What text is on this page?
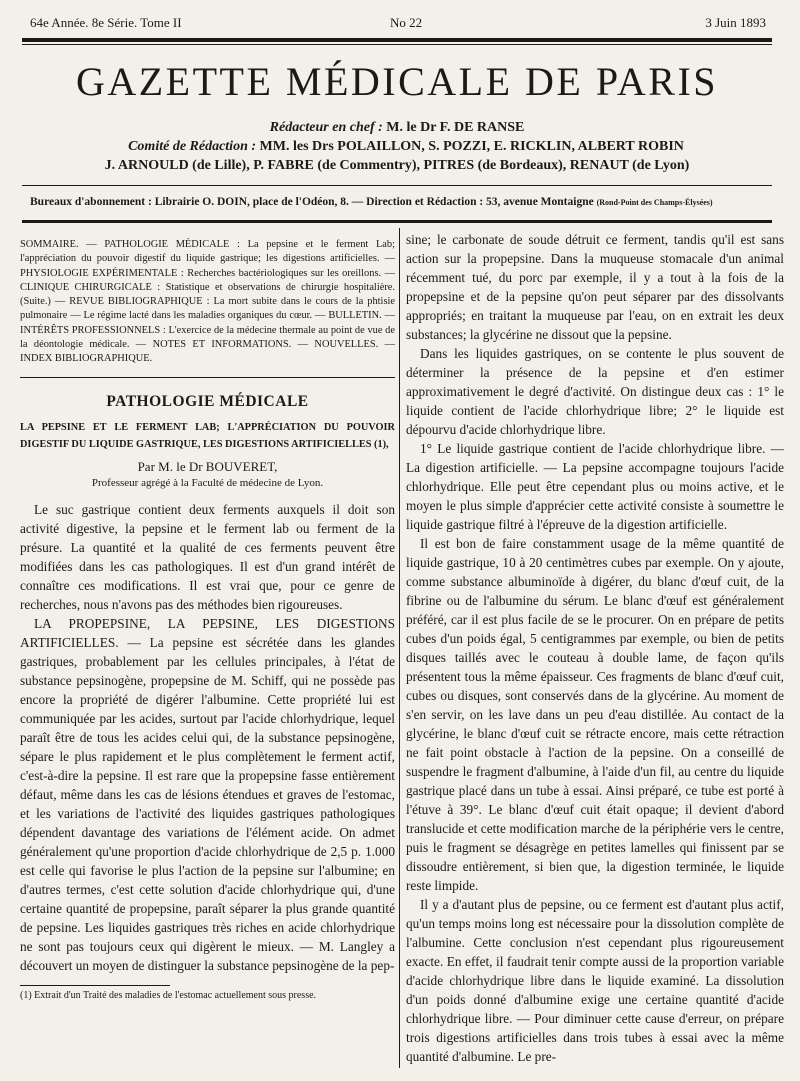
64e Année. 8e Série. Tome II	No 22	3 Juin 1893
GAZETTE MÉDICALE DE PARIS
Rédacteur en chef : M. le Dr F. DE RANSE
Comité de Rédaction : MM. les Drs POLAILLON, S. POZZI, E. RICKLIN, ALBERT ROBIN
J. ARNOULD (de Lille), P. FABRE (de Commentry), PITRES (de Bordeaux), RENAUT (de Lyon)
Bureaux d'abonnement : Librairie O. DOIN, place de l'Odéon, 8. — Direction et Rédaction : 53, avenue Montaigne (Rond-Point des Champs-Élysées)
SOMMAIRE. — PATHOLOGIE MÉDICALE : La pepsine et le ferment Lab; l'appréciation du pouvoir digestif du liquide gastrique; les digestions artificielles. — PHYSIOLOGIE EXPÉRIMENTALE : Recherches bactériologiques sur les oreillons. — CLINIQUE CHIRURGICALE : Statistique et observations de chirurgie hospitalière. (Suite.) — REVUE BIBLIOGRAPHIQUE : La mort subite dans le cours de la phtisie pulmonaire — Le régime lacté dans les maladies organiques du cœur. — BULLETIN. — INTÉRÊTS PROFESSIONNELS : L'exercice de la médecine thermale au point de vue de la déontologie médicale. — NOTES ET INFORMATIONS. — NOUVELLES. — INDEX BIBLIOGRAPHIQUE.
PATHOLOGIE MÉDICALE
LA PEPSINE ET LE FERMENT LAB; L'APPRÉCIATION DU POUVOIR DIGESTIF DU LIQUIDE GASTRIQUE, LES DIGESTIONS ARTIFICIELLES (1),
Par M. le Dr BOUVERET,
Professeur agrégé à la Faculté de médecine de Lyon.

Le suc gastrique contient deux ferments auxquels il doit son activité digestive, la pepsine et le ferment lab ou ferment de la présure. La quantité et la qualité de ces ferments peuvent être modifiées dans les cas pathologiques. Il est d'un grand intérêt de connaître ces modifications. Il est vrai que, pour ce genre de recherches, nous n'avons pas des méthodes bien rigoureuses.

LA PROPEPSINE, LA PEPSINE, LES DIGESTIONS ARTIFICIELLES. — La pepsine est sécrétée dans les glandes gastriques, probablement par les cellules principales, à l'état de substance pepsinogène, propepsine de M. Schiff, qui ne possède pas encore la propriété de digérer l'albumine. Cette propriété lui est communiquée par les acides, surtout par l'acide chlorhydrique, lequel paraît être de tous les acides celui qui, de la substance pepsinogène, sépare le plus rapidement et le plus complètement le ferment actif, c'est-à-dire la pepsine. Il est rare que la propepsine fasse entièrement défaut, même dans les cas de lésions étendues et graves de l'estomac, et les variations de l'activité des liquides gastriques pathologiques dépendent davantage des variations de l'élément acide. On admet généralement qu'une proportion d'acide chlorhydrique de 2,5 p. 1.000 est celle qui favorise le plus l'action de la pepsine sur l'albumine; en d'autres termes, c'est cette solution d'acide chlorhydrique qui, d'une certaine quantité de propepsine, paraît séparer la plus grande quantité de pepsine. Les liquides gastriques très riches en acide chlorhydrique ne sont pas toujours ceux qui digèrent le mieux. — M. Langley a découvert un moyen de distinguer la substance pepsinogène de la pep-

(1) Extrait d'un Traité des maladies de l'estomac actuellement sous presse.

sine; le carbonate de soude détruit ce ferment, tandis qu'il est sans action sur la propepsine. Dans la muqueuse stomacale d'un animal récemment tué, du porc par exemple, il y a tout à la fois de la propepsine et de la pepsine qu'on peut séparer par des dissolvants appropriés; en traitant la muqueuse par l'eau, on en extrait les deux substances; la glycérine ne dissout que la pepsine.

Dans les liquides gastriques, on se contente le plus souvent de déterminer la présence de la pepsine et d'en estimer approximativement le degré d'activité. On distingue deux cas : 1° le liquide contient de l'acide chlorhydrique libre; 2° le liquide est dépourvu d'acide chlorhydrique libre.

1° Le liquide gastrique contient de l'acide chlorhydrique libre. — La digestion artificielle. — La pepsine accompagne toujours l'acide chlorhydrique. Elle peut être cependant plus ou moins active, et le moyen le plus simple d'apprécier cette activité consiste à soumettre le liquide gastrique filtré à l'épreuve de la digestion artificielle.

Il est bon de faire constamment usage de la même quantité de liquide gastrique, 10 à 20 centimètres cubes par exemple. On y ajoute, comme substance albuminoïde à digérer, du blanc d'œuf cuit, de la fibrine ou de l'albumine du sérum. Le blanc d'œuf est généralement préféré, car il est plus facile de se le procurer. On en prépare de petits cubes d'un poids égal, 5 centigrammes par exemple, ou bien de petits disques taillés avec le couteau à double lame, de façon qu'ils présentent tous la même épaisseur. Ces fragments de blanc d'œuf cuit, cubes ou disques, sont conservés dans de la glycérine. Au moment de s'en servir, on les lave dans un peu d'eau distillée. Au contact de la glycérine, le blanc d'œuf cuit se rétracte encore, mais cette rétraction ne fait point obstacle à l'action de la pepsine. On a conseillé de suspendre le fragment d'albumine, à l'aide d'un fil, au centre du liquide gastrique placé dans un tube à essai. Ainsi préparé, ce tube est porté à l'étuve à 39°. Le blanc d'œuf cuit était opaque; il devient d'abord translucide et cette modification marche de la périphérie vers le centre, puis le fragment se désagrège en petites lamelles qui finissent par se dissoudre entièrement, si bien que, la digestion terminée, le liquide reste limpide.

Il y a d'autant plus de pepsine, ou ce ferment est d'autant plus actif, qu'un temps moins long est nécessaire pour la dissolution complète de l'albumine. Cette conclusion n'est cependant plus rigoureusement exacte. En effet, il faudrait tenir compte aussi de la proportion variable d'acide chlorhydrique libre dans le liquide examiné. La dissolution d'un poids donné d'albumine exige une certaine quantité d'acide chlorhydrique libre. — Pour diminuer cette cause d'erreur, on prépare trois digestions artificielles dans trois tubes à essai avec la même quantité d'albumine. Le pre-
